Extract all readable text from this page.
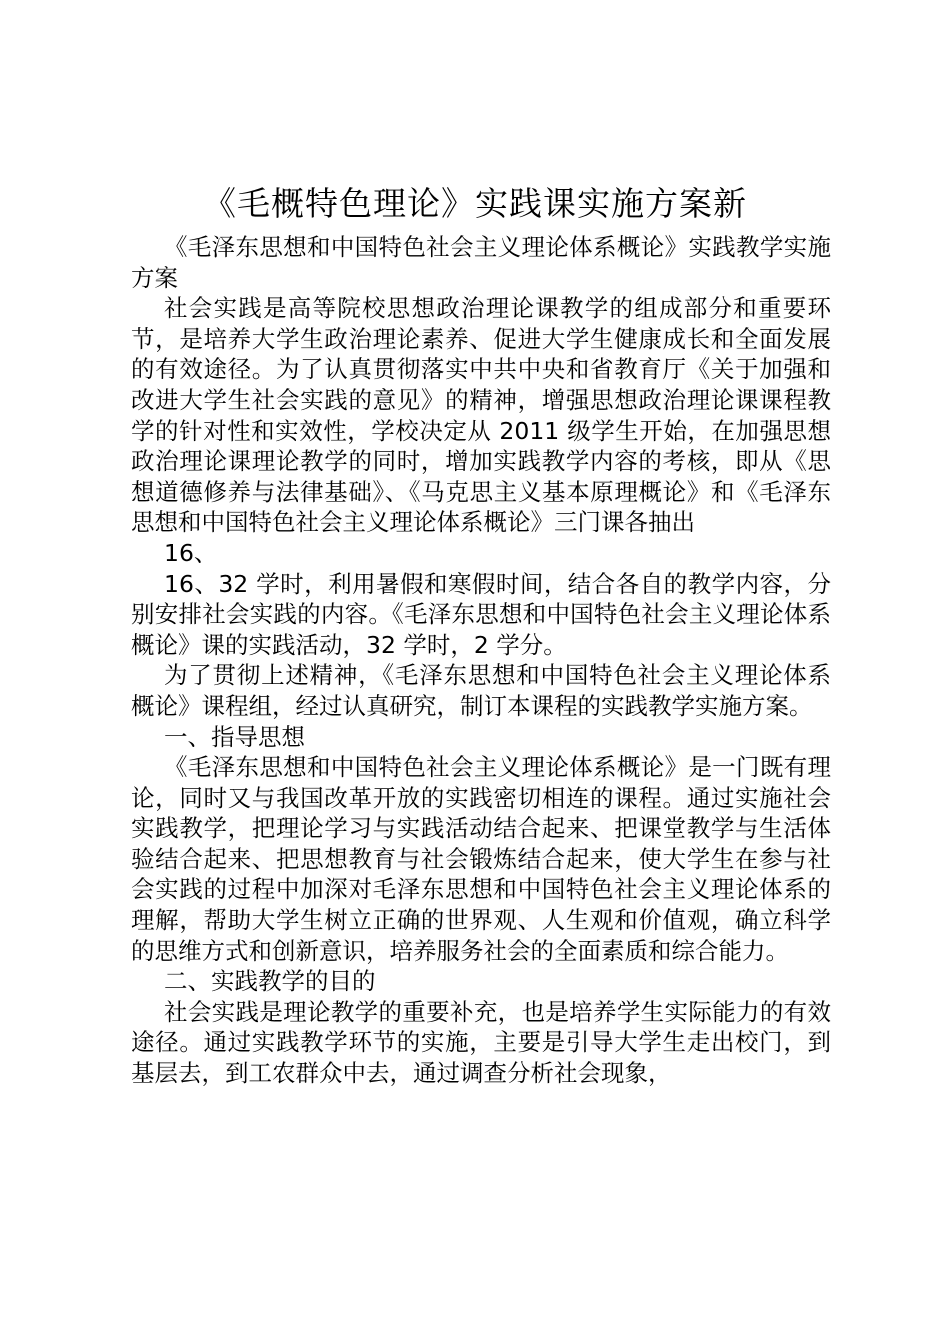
《毛概特色理论》实践课实施方案新

《毛泽东思想和中国特色社会主义理论体系概论》实践教学实施方案

社会实践是高等院校思想政治理论课教学的组成部分和重要环节，是培养大学生政治理论素养、促进大学生健康成长和全面发展的有效途径。为了认真贯彻落实中共中央和省教育厅《关于加强和改进大学生社会实践的意见》的精神，增强思想政治理论课课程教学的针对性和实效性，学校决定从 2011 级学生开始，在加强思想政治理论课理论教学的同时，增加实践教学内容的考核，即从《思想道德修养与法律基础》、《马克思主义基本原理概论》和《毛泽东思想和中国特色社会主义理论体系概论》三门课各抽出

16、

16、32 学时，利用暑假和寒假时间，结合各自的教学内容，分别安排社会实践的内容。《毛泽东思想和中国特色社会主义理论体系概论》课的实践活动，32 学时，2 学分。

为了贯彻上述精神，《毛泽东思想和中国特色社会主义理论体系概论》课程组，经过认真研究，制订本课程的实践教学实施方案。

一、指导思想

《毛泽东思想和中国特色社会主义理论体系概论》是一门既有理论，同时又与我国改革开放的实践密切相连的课程。通过实施社会实践教学，把理论学习与实践活动结合起来、把课堂教学与生活体验结合起来、把思想教育与社会锻炼结合起来，使大学生在参与社会实践的过程中加深对毛泽东思想和中国特色社会主义理论体系的理解，帮助大学生树立正确的世界观、人生观和价值观，确立科学的思维方式和创新意识，培养服务社会的全面素质和综合能力。

二、实践教学的目的

社会实践是理论教学的重要补充，也是培养学生实际能力的有效途径。通过实践教学环节的实施，主要是引导大学生走出校门，到基层去，到工农群众中去，通过调查分析社会现象，
